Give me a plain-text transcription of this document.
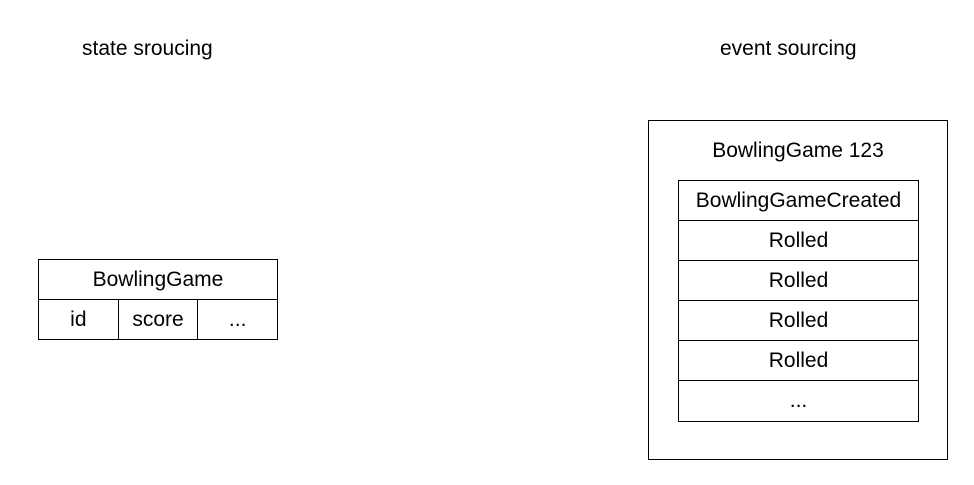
state srоucing	event sourcing
BowlingGame
id	score	...
BowlingGame 123
BowlingGameCreated
Rolled
Rolled
Rolled
Rolled
...
